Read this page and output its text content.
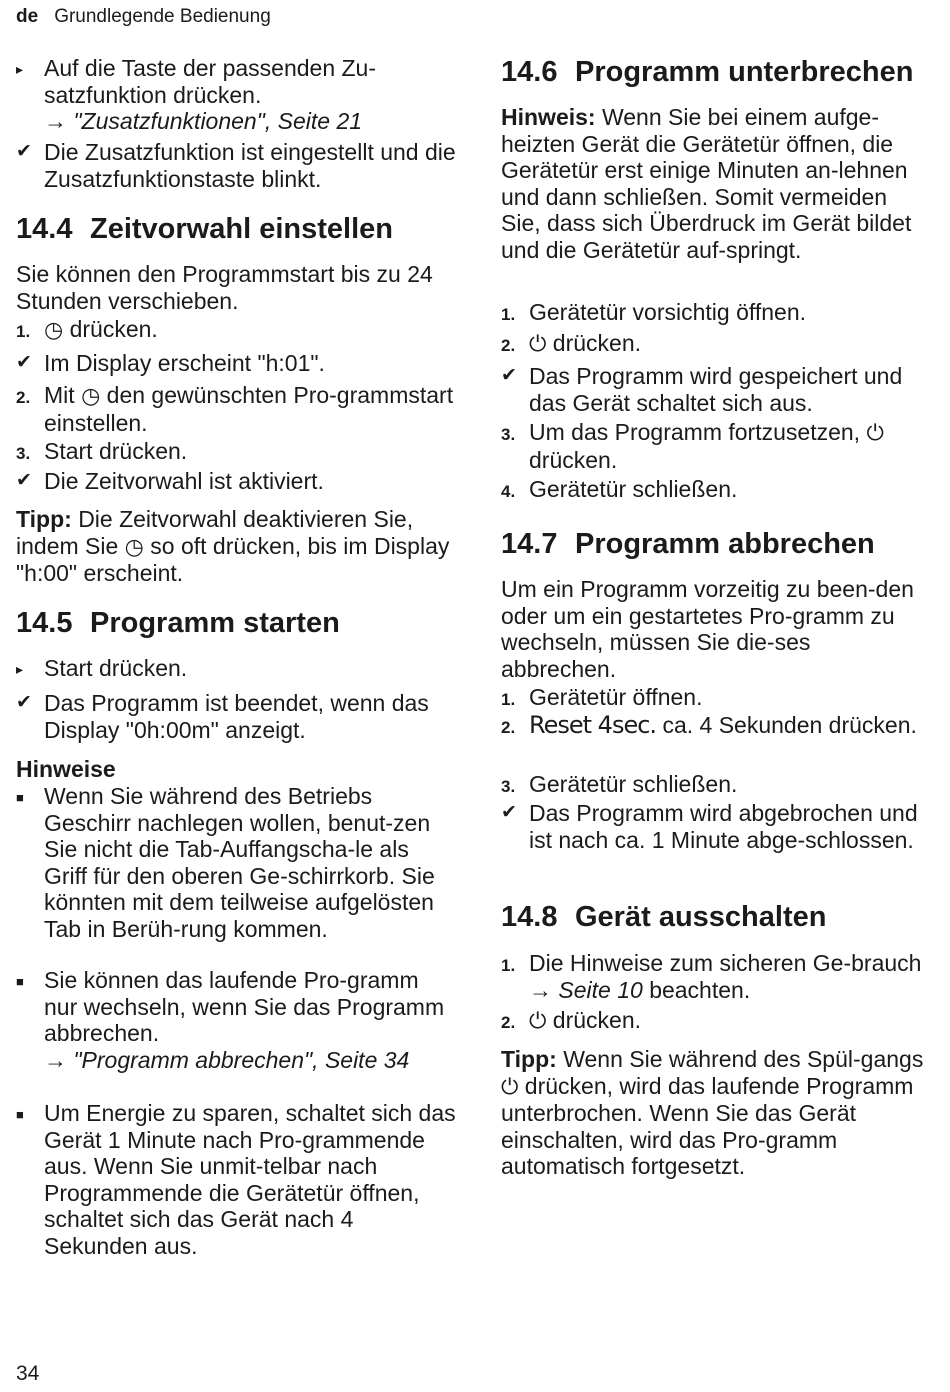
de Grundlegende Bedienung
▸ Auf die Taste der passenden Zu-satzfunktion drücken.
→ "Zusatzfunktionen", Seite 21
✔ Die Zusatzfunktion ist eingestellt und die Zusatzfunktionstaste blinkt.
14.4 Zeitvorwahl einstellen
Sie können den Programmstart bis zu 24 Stunden verschieben.
1. ◷ drücken.
✔ Im Display erscheint "h:01".
2. Mit ◷ den gewünschten Pro-grammstart einstellen.
3. Start drücken.
✔ Die Zeitvorwahl ist aktiviert.
Tipp: Die Zeitvorwahl deaktivieren Sie, indem Sie ◷ so oft drücken, bis im Display "h:00" erscheint.
14.5 Programm starten
▸ Start drücken.
✔ Das Programm ist beendet, wenn das Display "0h:00m" anzeigt.
Hinweise
■ Wenn Sie während des Betriebs Geschirr nachlegen wollen, benut-zen Sie nicht die Tab-Auffangscha-le als Griff für den oberen Ge-schirrkorb. Sie könnten mit dem teilweise aufgelösten Tab in Berüh-rung kommen.
■ Sie können das laufende Pro-gramm nur wechseln, wenn Sie das Programm abbrechen.
→ "Programm abbrechen", Seite 34
■ Um Energie zu sparen, schaltet sich das Gerät 1 Minute nach Pro-grammende aus. Wenn Sie unmit-telbar nach Programmende die Gerätetür öffnen, schaltet sich das Gerät nach 4 Sekunden aus.
14.6 Programm unterbrechen
Hinweis: Wenn Sie bei einem aufge-heizten Gerät die Gerätetür öffnen, die Gerätetür erst einige Minuten an-lehnen und dann schließen. Somit vermeiden Sie, dass sich Überdruck im Gerät bildet und die Gerätetür auf-springt.
1. Gerätetür vorsichtig öffnen.
2. ⏻ drücken.
✔ Das Programm wird gespeichert und das Gerät schaltet sich aus.
3. Um das Programm fortzusetzen, ⏻ drücken.
4. Gerätetür schließen.
14.7 Programm abbrechen
Um ein Programm vorzeitig zu been-den oder um ein gestartetes Pro-gramm zu wechseln, müssen Sie die-ses abbrechen.
1. Gerätetür öffnen.
2. Reset 4sec. ca. 4 Sekunden drücken.
3. Gerätetür schließen.
✔ Das Programm wird abgebrochen und ist nach ca. 1 Minute abge-schlossen.
14.8 Gerät ausschalten
1. Die Hinweise zum sicheren Ge-brauch → Seite 10 beachten.
2. ⏻ drücken.
Tipp: Wenn Sie während des Spül-gangs ⏻ drücken, wird das laufende Programm unterbrochen. Wenn Sie das Gerät einschalten, wird das Pro-gramm automatisch fortgesetzt.
34
